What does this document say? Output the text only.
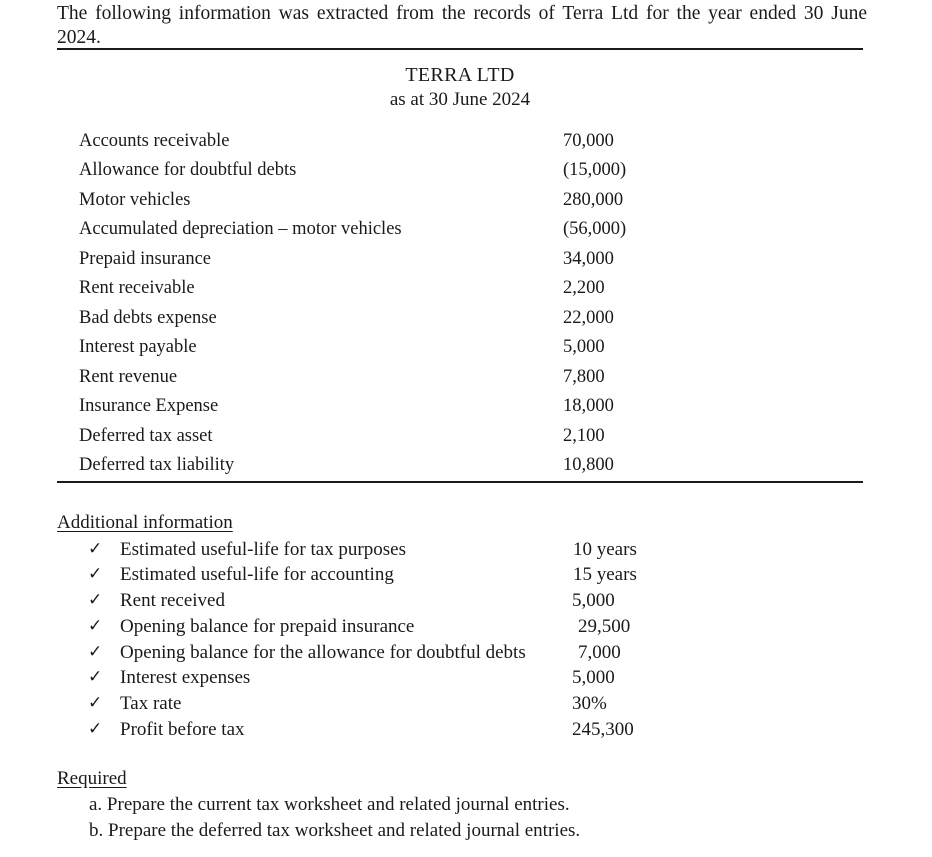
The following information was extracted from the records of Terra Ltd for the year ended 30 June 2024.
TERRA LTD
as at 30 June 2024
Accounts receivable	70,000
Allowance for doubtful debts	(15,000)
Motor vehicles	280,000
Accumulated depreciation – motor vehicles	(56,000)
Prepaid insurance	34,000
Rent receivable	2,200
Bad debts expense	22,000
Interest payable	5,000
Rent revenue	7,800
Insurance Expense	18,000
Deferred tax asset	2,100
Deferred tax liability	10,800
Additional information
✓ Estimated useful-life for tax purposes	10 years
✓ Estimated useful-life for accounting	15 years
✓ Rent received	5,000
✓ Opening balance for prepaid insurance	29,500
✓ Opening balance for the allowance for doubtful debts	7,000
✓ Interest expenses	5,000
✓ Tax rate	30%
✓ Profit before tax	245,300
Required
a. Prepare the current tax worksheet and related journal entries.
b. Prepare the deferred tax worksheet and related journal entries.
